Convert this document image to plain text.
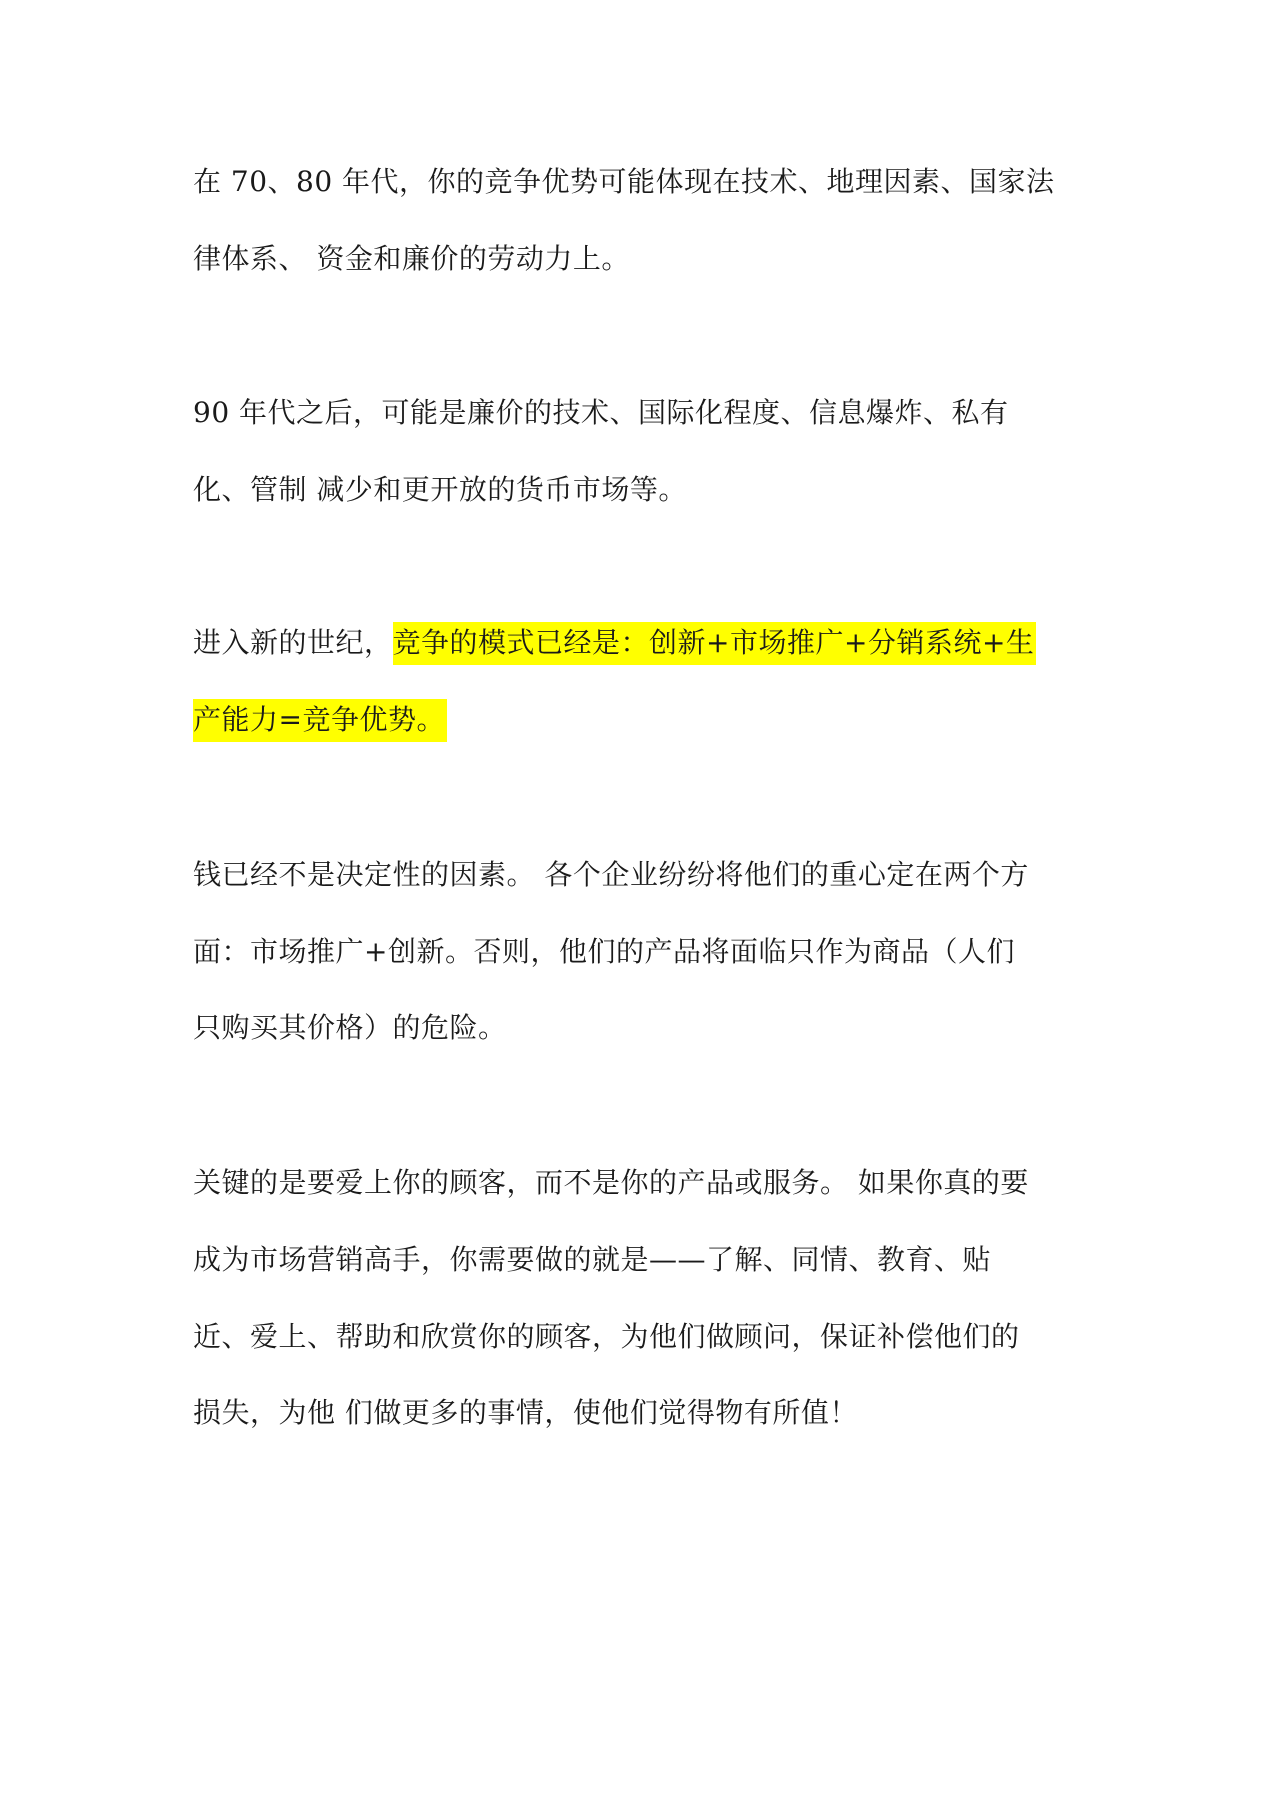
在 70、80 年代，你的竞争优势可能体现在技术、地理因素、国家法
律体系、 资金和廉价的劳动力上。
90 年代之后，可能是廉价的技术、国际化程度、信息爆炸、私有
化、管制 减少和更开放的货币市场等。
进入新的世纪，竞争的模式已经是：创新+市场推广+分销系统+生
产能力=竞争优势。
钱已经不是决定性的因素。 各个企业纷纷将他们的重心定在两个方
面：市场推广+创新。否则，他们的产品将面临只作为商品（人们
只购买其价格）的危险。
关键的是要爱上你的顾客，而不是你的产品或服务。 如果你真的要
成为市场营销高手，你需要做的就是——了解、同情、教育、贴
近、爱上、帮助和欣赏你的顾客，为他们做顾问，保证补偿他们的
损失，为他 们做更多的事情，使他们觉得物有所值！
